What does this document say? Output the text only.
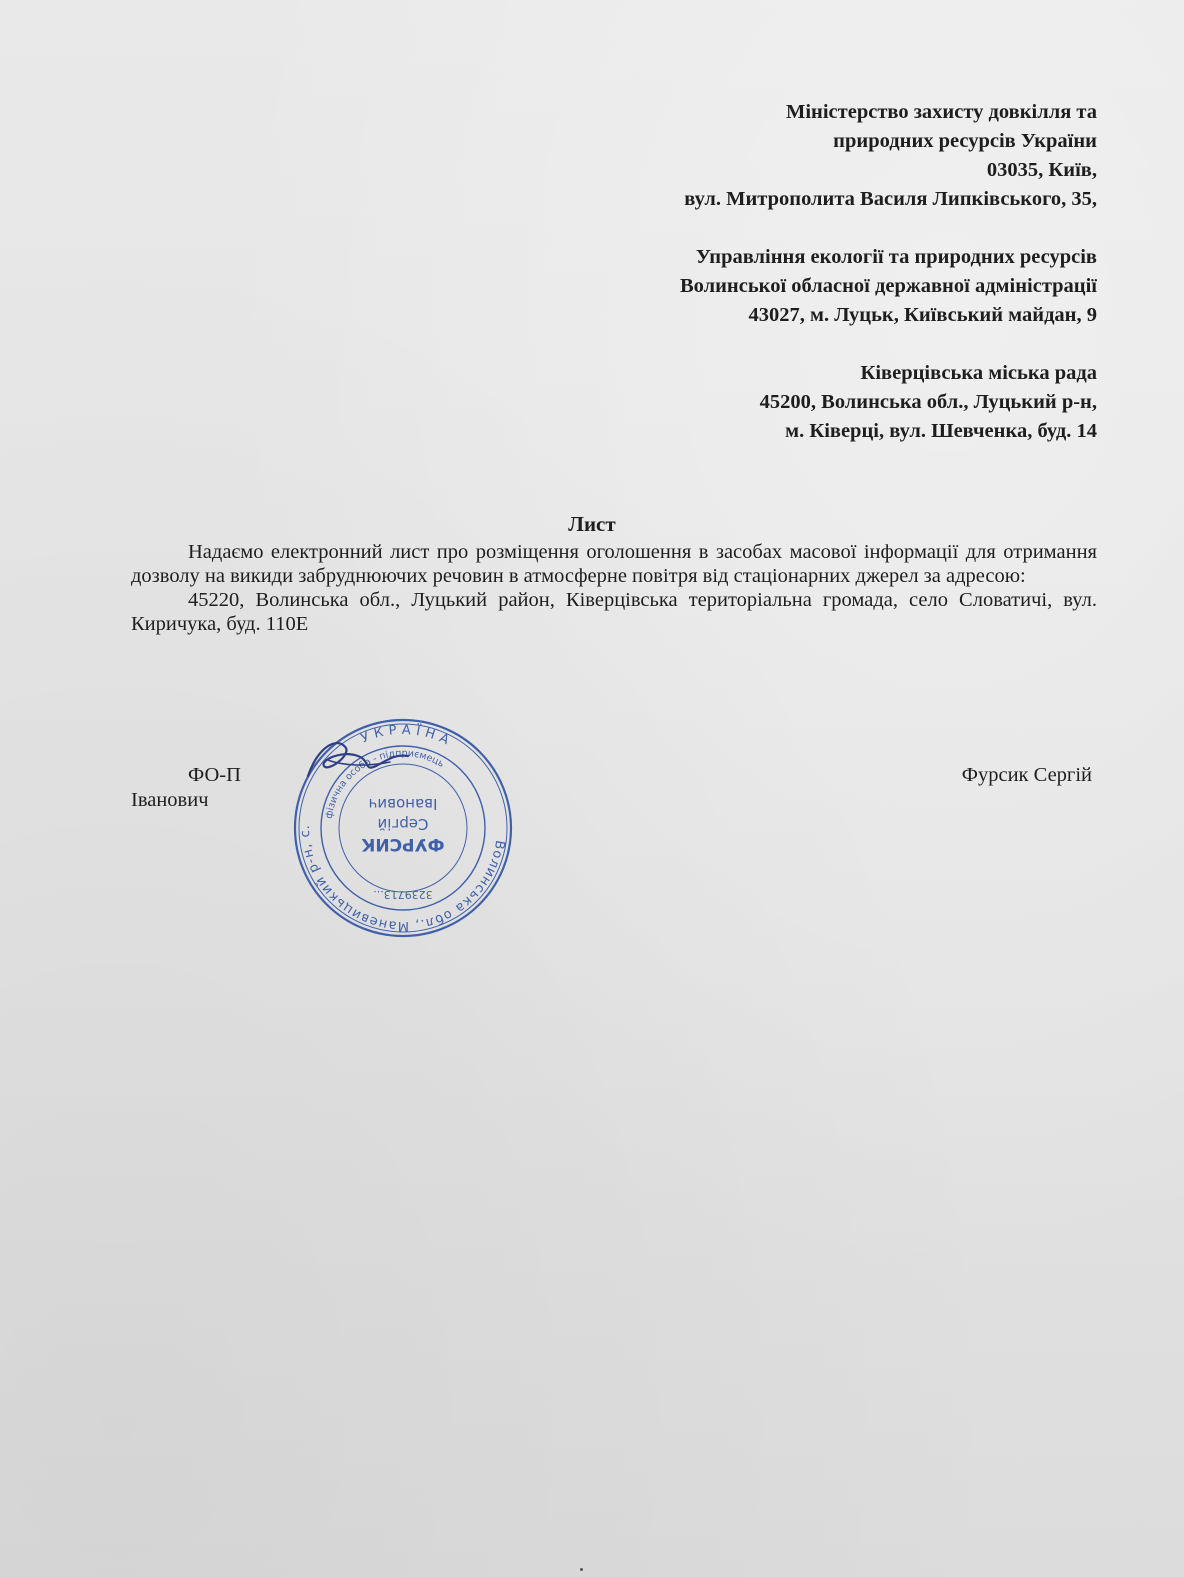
Міністерство захисту довкілля та
природних ресурсів України
03035, Київ,
вул. Митрополита Василя Липківського, 35,
Управління екології та природних ресурсів
Волинської обласної державної адміністрації
43027, м. Луцьк, Київський майдан, 9
Ківерцівська міська рада
45200, Волинська обл., Луцький р-н,
м. Ківерці, вул. Шевченка, буд. 14
Лист

Надаємо електронний лист про розміщення оголошення в засобах масової інформації для отримання дозволу на викиди забруднюючих речовин в атмосферне повітря від стаціонарних джерел за адресою:

45220, Волинська обл., Луцький район, Ківерцівська територіальна громада, село Словатичі, вул. Киричука, буд. 110Е

ФО-П
Іванович
Фурсик Сергій
Волинська обл., Маневицький р-н, с.
УКРАЇНА
фізична особа - підприємець
3239713...
ФУРСИК
Сергій
Іванович
